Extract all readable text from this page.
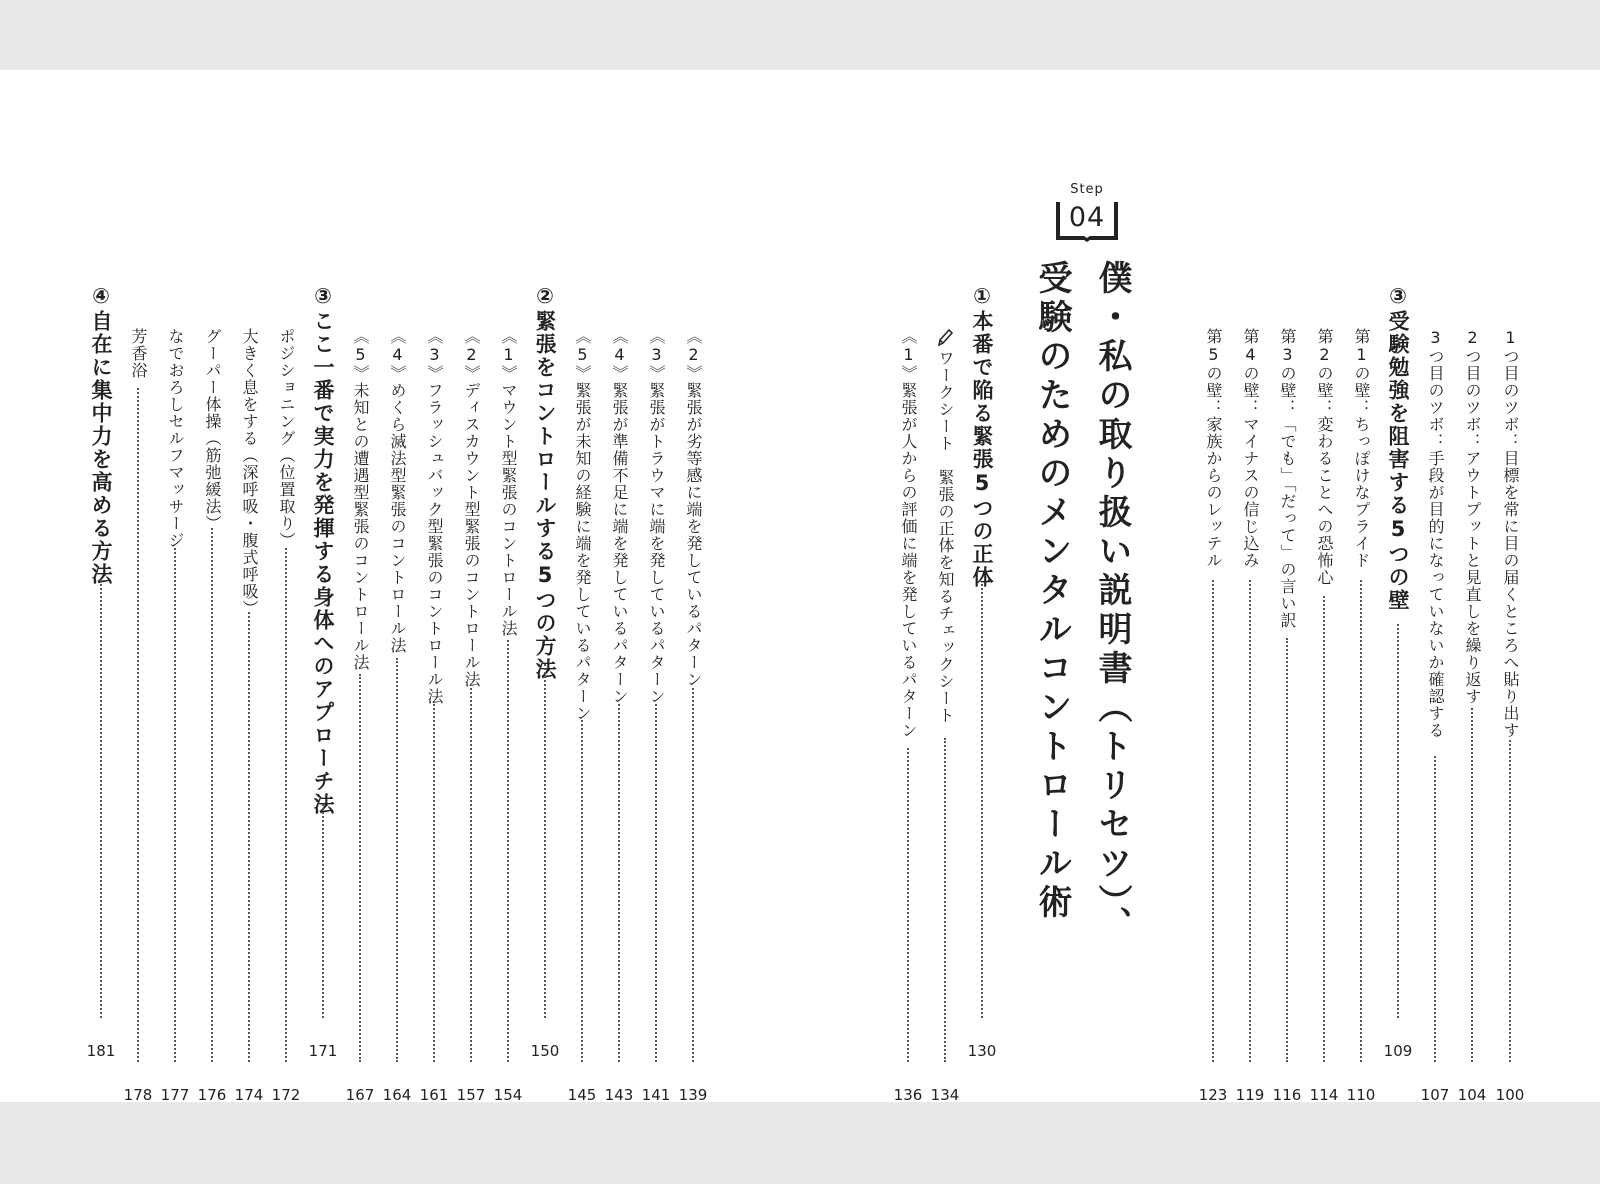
Step
04
僕・私の取り扱い説明書（トリセツ）、
受験のためのメンタルコントロール術	1つ目のツボ：目標を常に目の届くところへ貼り出す
100
2つ目のツボ：アウトプットと見直しを繰り返す
104
3つ目のツボ：手段が目的になっていないか確認する
107
③受験勉強を阻害する5つの壁
109
第1の壁：ちっぽけなプライド
110
第2の壁：変わることへの恐怖心
114
第3の壁：「でも」「だって」の言い訳
116
第4の壁：マイナスの信じ込み
119
第5の壁：家族からのレッテル
123
①本番で陥る緊張5つの正体
130
ワークシート　緊張の正体を知るチェックシート
134
《1》緊張が人からの評価に端を発しているパターン
136
《2》緊張が劣等感に端を発しているパターン
139
《3》緊張がトラウマに端を発しているパターン
141
《4》緊張が準備不足に端を発しているパターン
143
《5》緊張が未知の経験に端を発しているパターン
145
②緊張をコントロールする5つの方法
150
《1》マウント型緊張のコントロール法
154
《2》ディスカウント型緊張のコントロール法
157
《3》フラッシュバック型緊張のコントロール法
161
《4》めくら滅法型緊張のコントロール法
164
《5》未知との遭遇型緊張のコントロール法
167
③ここ一番で実力を発揮する身体へのアプローチ法
171
ポジショニング（位置取り）
172
大きく息をする（深呼吸・腹式呼吸）
174
グーパー体操（筋弛緩法）
176
なでおろしセルフマッサージ
177
芳香浴
178
④自在に集中力を高める方法
181
